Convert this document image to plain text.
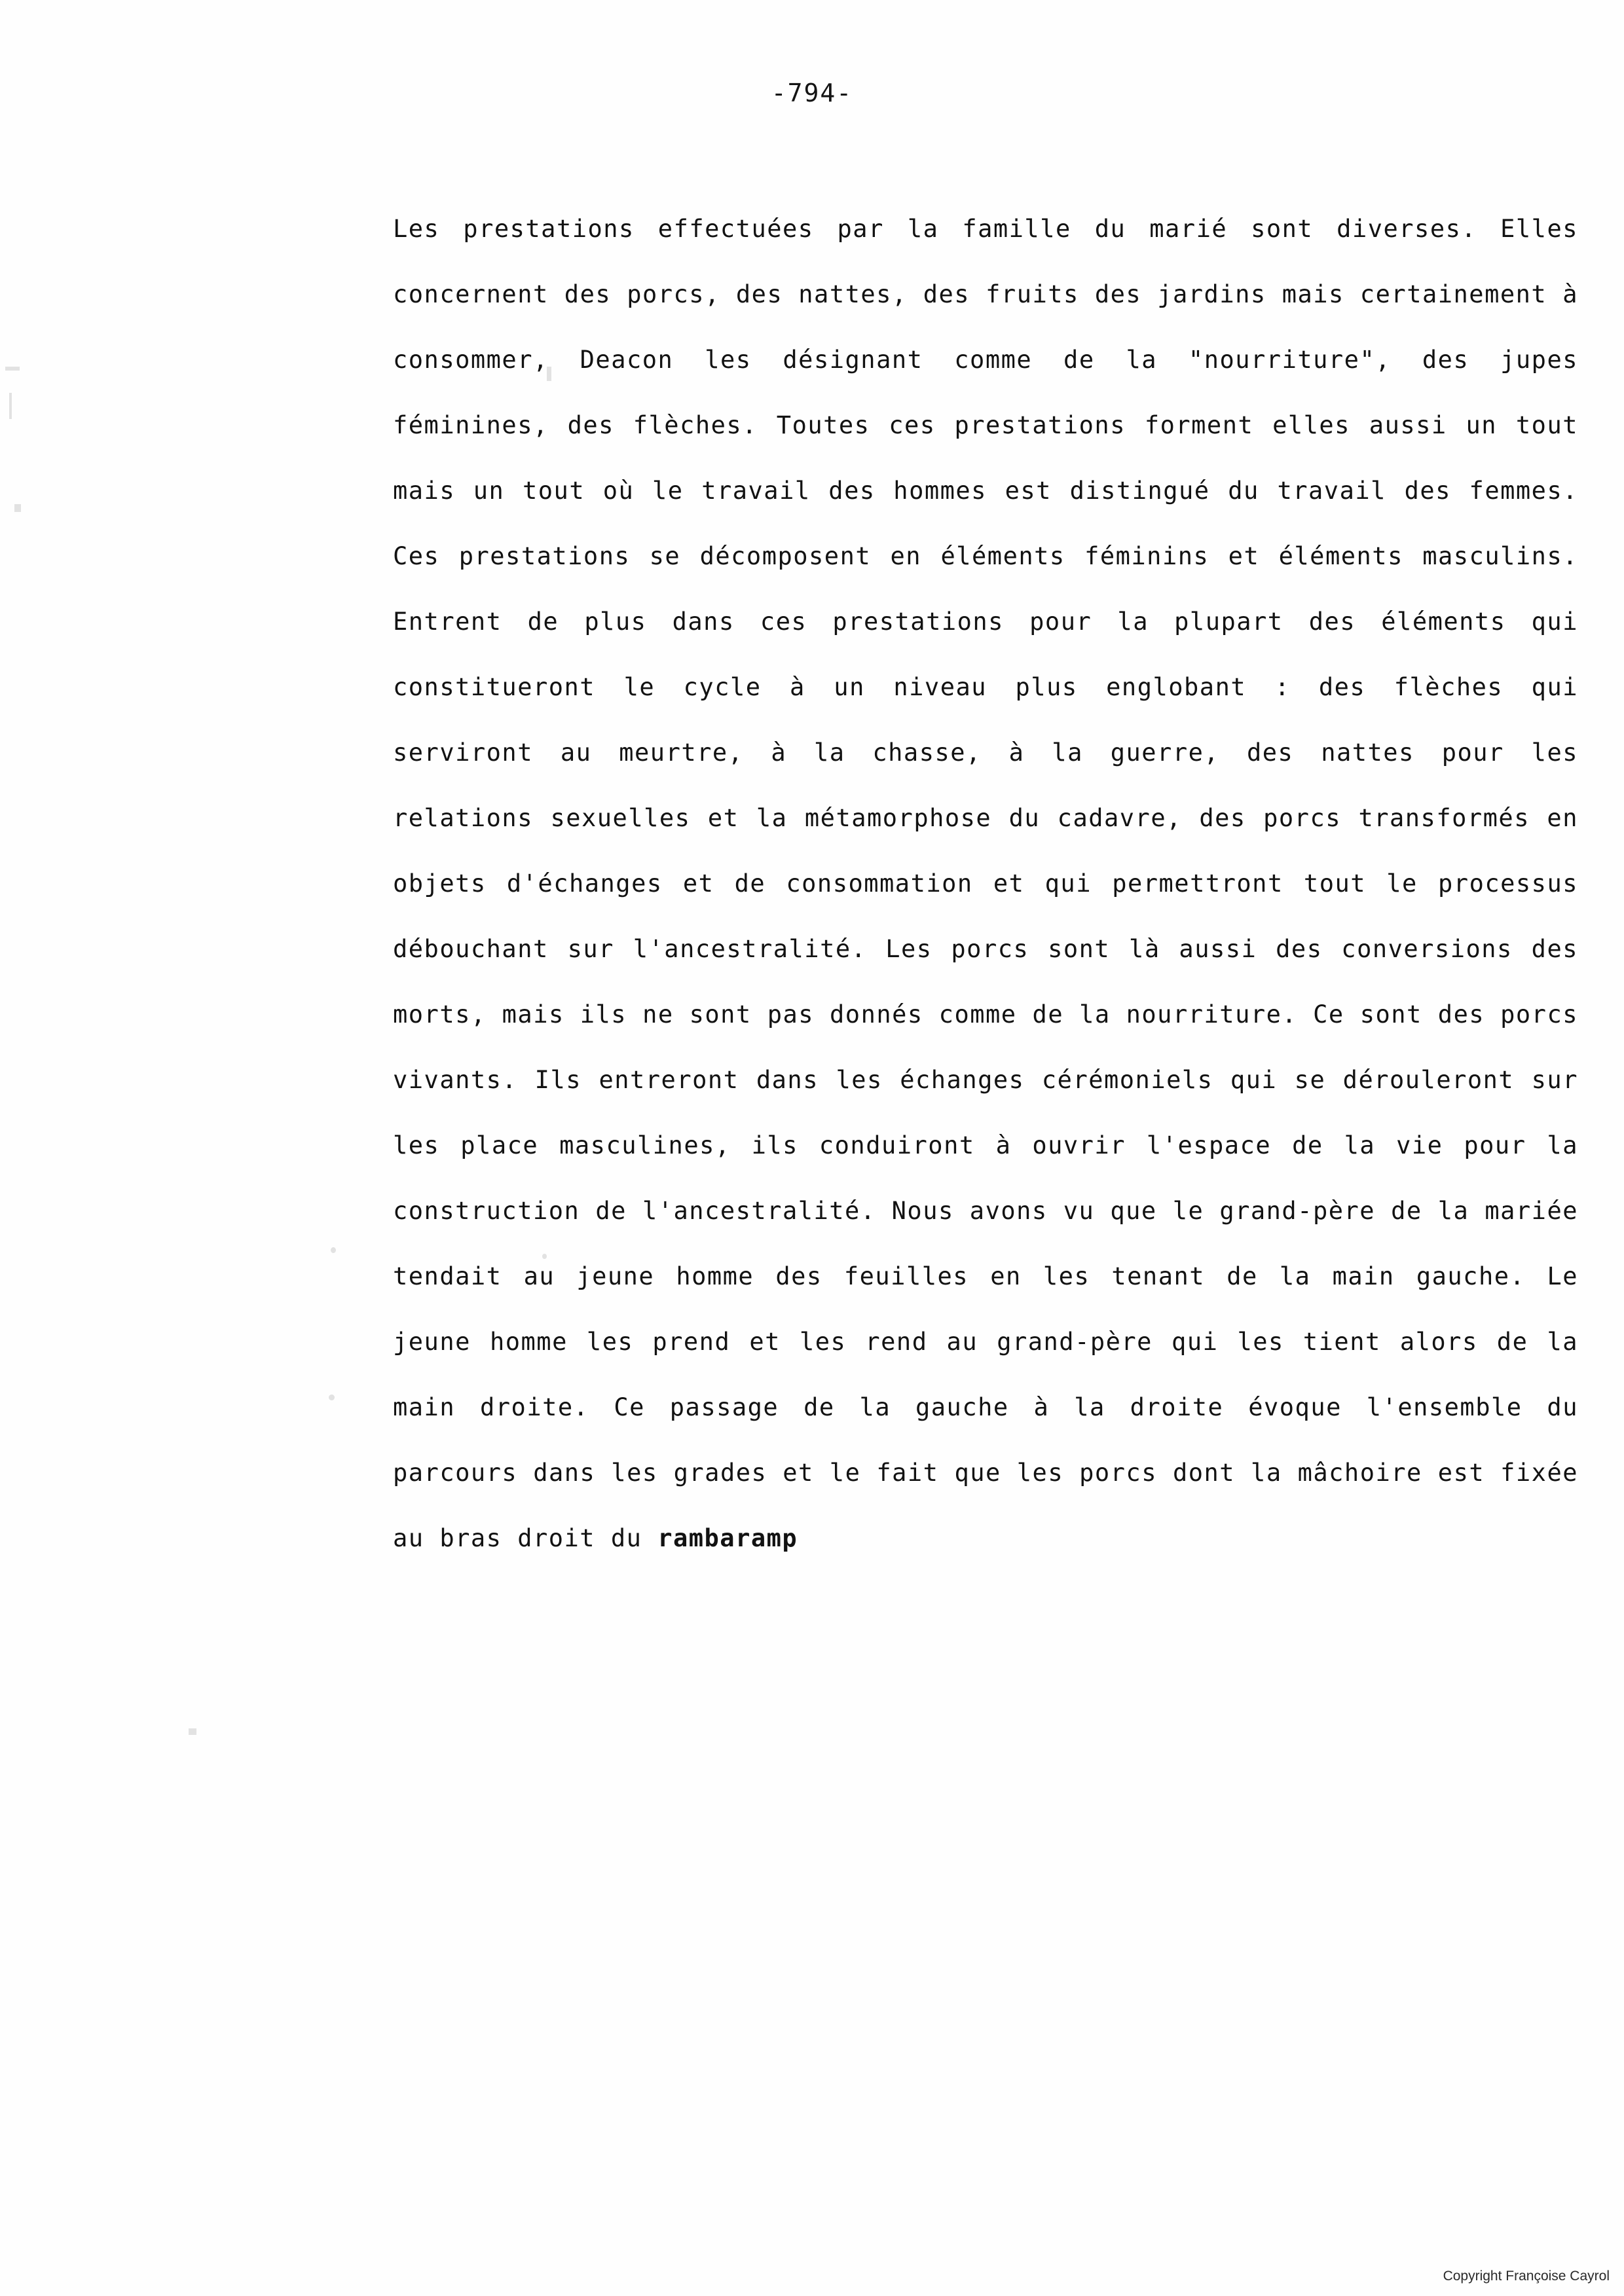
-794-

Les prestations effectuées par la famille du marié sont diverses. Elles concernent des porcs, des nattes, des fruits des jardins mais certainement à consommer, Deacon les désignant comme de la "nourriture", des jupes féminines, des flèches. Toutes ces prestations forment elles aussi un tout mais un tout où le travail des hommes est distingué du travail des femmes. Ces prestations se décomposent en éléments féminins et éléments masculins. Entrent de plus dans ces prestations pour la plupart des éléments qui constitueront le cycle à un niveau plus englobant : des flèches qui serviront au meurtre, à la chasse, à la guerre, des nattes pour les relations sexuelles et la métamorphose du cadavre, des porcs transformés en objets d'échanges et de consommation et qui permettront tout le processus débouchant sur l'ancestralité. Les porcs sont là aussi des conversions des morts, mais ils ne sont pas donnés comme de la nourriture. Ce sont des porcs vivants. Ils entreront dans les échanges cérémoniels qui se dérouleront sur les place masculines, ils conduiront à ouvrir l'espace de la vie pour la construction de l'ancestralité. Nous avons vu que le grand-père de la mariée tendait au jeune homme des feuilles en les tenant de la main gauche. Le jeune homme les prend et les rend au grand-père qui les tient alors de la main droite. Ce passage de la gauche à la droite évoque l'ensemble du parcours dans les grades et le fait que les porcs dont la mâchoire est fixée au bras droit du rambaramp

Copyright Françoise Cayrol
